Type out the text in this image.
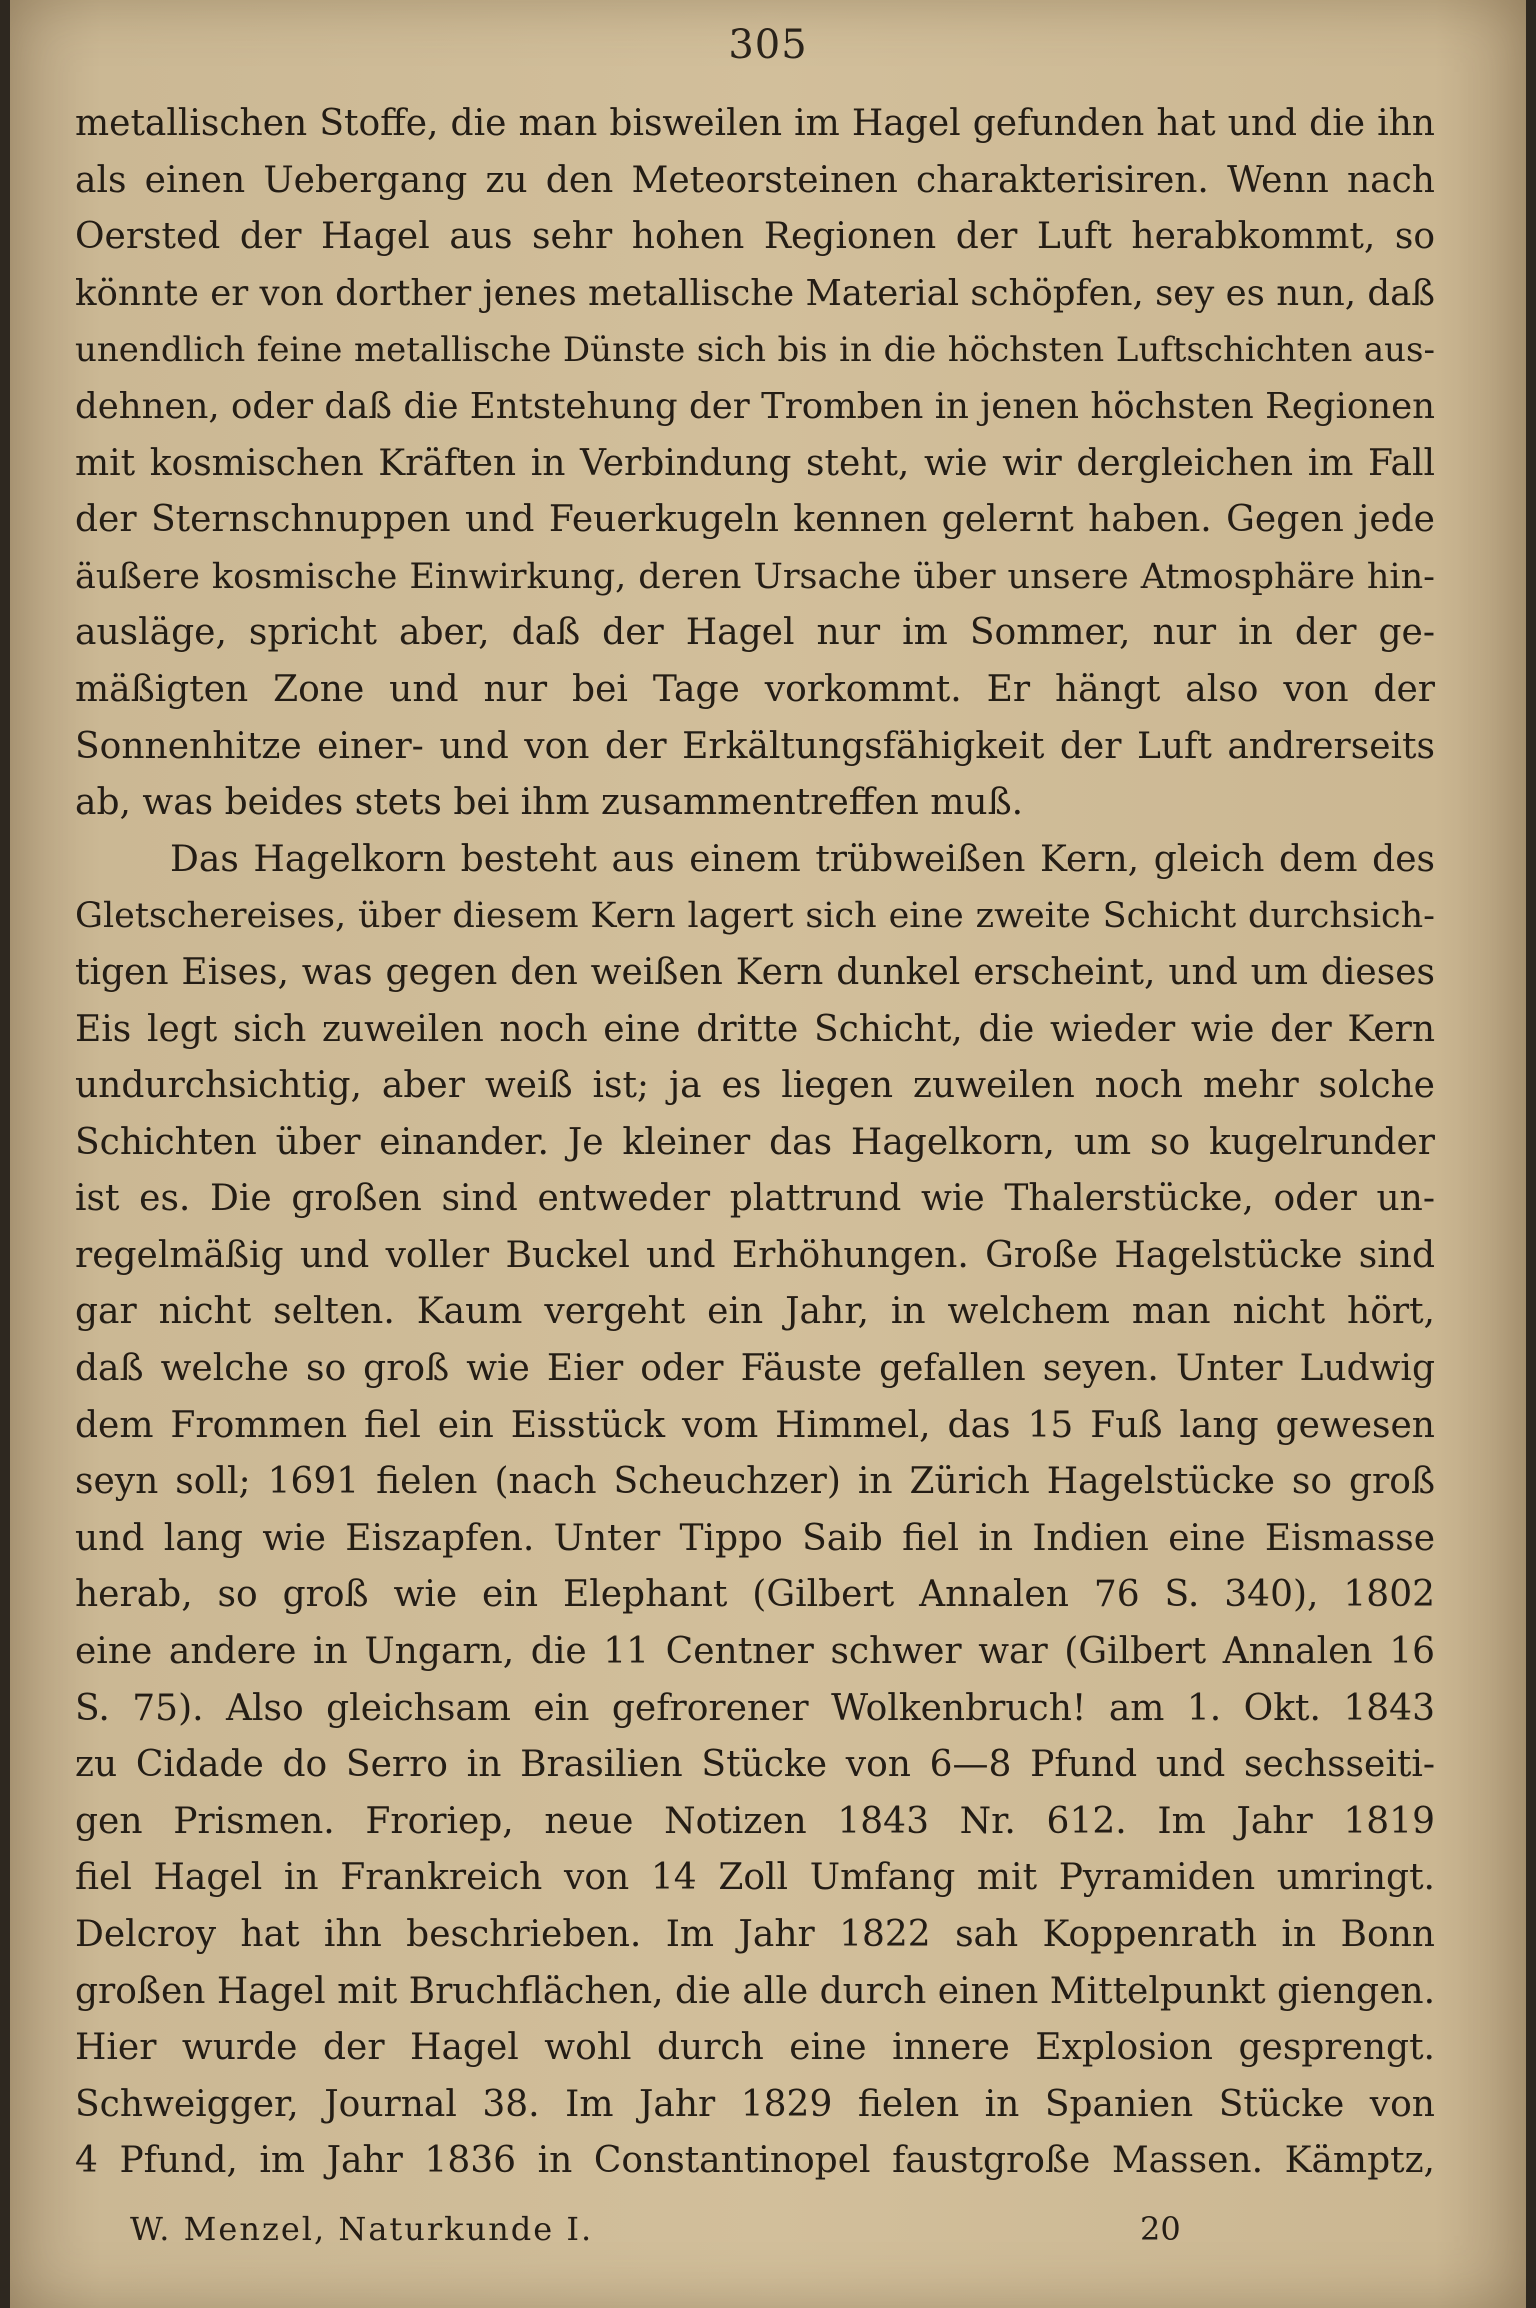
305
metallischen Stoffe, die man bisweilen im Hagel gefunden hat und die ihn
als einen Uebergang zu den Meteorsteinen charakterisiren. Wenn nach
Oersted der Hagel aus sehr hohen Regionen der Luft herabkommt, so
könnte er von dorther jenes metallische Material schöpfen, sey es nun, daß
unendlich feine metallische Dünste sich bis in die höchsten Luftschichten aus-
dehnen, oder daß die Entstehung der Tromben in jenen höchsten Regionen
mit kosmischen Kräften in Verbindung steht, wie wir dergleichen im Fall
der Sternschnuppen und Feuerkugeln kennen gelernt haben. Gegen jede
äußere kosmische Einwirkung, deren Ursache über unsere Atmosphäre hin-
ausläge, spricht aber, daß der Hagel nur im Sommer, nur in der ge-
mäßigten Zone und nur bei Tage vorkommt. Er hängt also von der
Sonnenhitze einer- und von der Erkältungsfähigkeit der Luft andrerseits
ab, was beides stets bei ihm zusammentreffen muß.
Das Hagelkorn besteht aus einem trübweißen Kern, gleich dem des
Gletschereises, über diesem Kern lagert sich eine zweite Schicht durchsich-
tigen Eises, was gegen den weißen Kern dunkel erscheint, und um dieses
Eis legt sich zuweilen noch eine dritte Schicht, die wieder wie der Kern
undurchsichtig, aber weiß ist; ja es liegen zuweilen noch mehr solche
Schichten über einander. Je kleiner das Hagelkorn, um so kugelrunder
ist es. Die großen sind entweder plattrund wie Thalerstücke, oder un-
regelmäßig und voller Buckel und Erhöhungen. Große Hagelstücke sind
gar nicht selten. Kaum vergeht ein Jahr, in welchem man nicht hört,
daß welche so groß wie Eier oder Fäuste gefallen seyen. Unter Ludwig
dem Frommen fiel ein Eisstück vom Himmel, das 15 Fuß lang gewesen
seyn soll; 1691 fielen (nach Scheuchzer) in Zürich Hagelstücke so groß
und lang wie Eiszapfen. Unter Tippo Saib fiel in Indien eine Eismasse
herab, so groß wie ein Elephant (Gilbert Annalen 76 S. 340), 1802
eine andere in Ungarn, die 11 Centner schwer war (Gilbert Annalen 16
S. 75). Also gleichsam ein gefrorener Wolkenbruch! am 1. Okt. 1843
zu Cidade do Serro in Brasilien Stücke von 6—8 Pfund und sechsseiti-
gen Prismen. Froriep, neue Notizen 1843 Nr. 612. Im Jahr 1819
fiel Hagel in Frankreich von 14 Zoll Umfang mit Pyramiden umringt.
Delcroy hat ihn beschrieben. Im Jahr 1822 sah Koppenrath in Bonn
großen Hagel mit Bruchflächen, die alle durch einen Mittelpunkt giengen.
Hier wurde der Hagel wohl durch eine innere Explosion gesprengt.
Schweigger, Journal 38. Im Jahr 1829 fielen in Spanien Stücke von
4 Pfund, im Jahr 1836 in Constantinopel faustgroße Massen. Kämptz,
W. Menzel, Naturkunde I.	20
